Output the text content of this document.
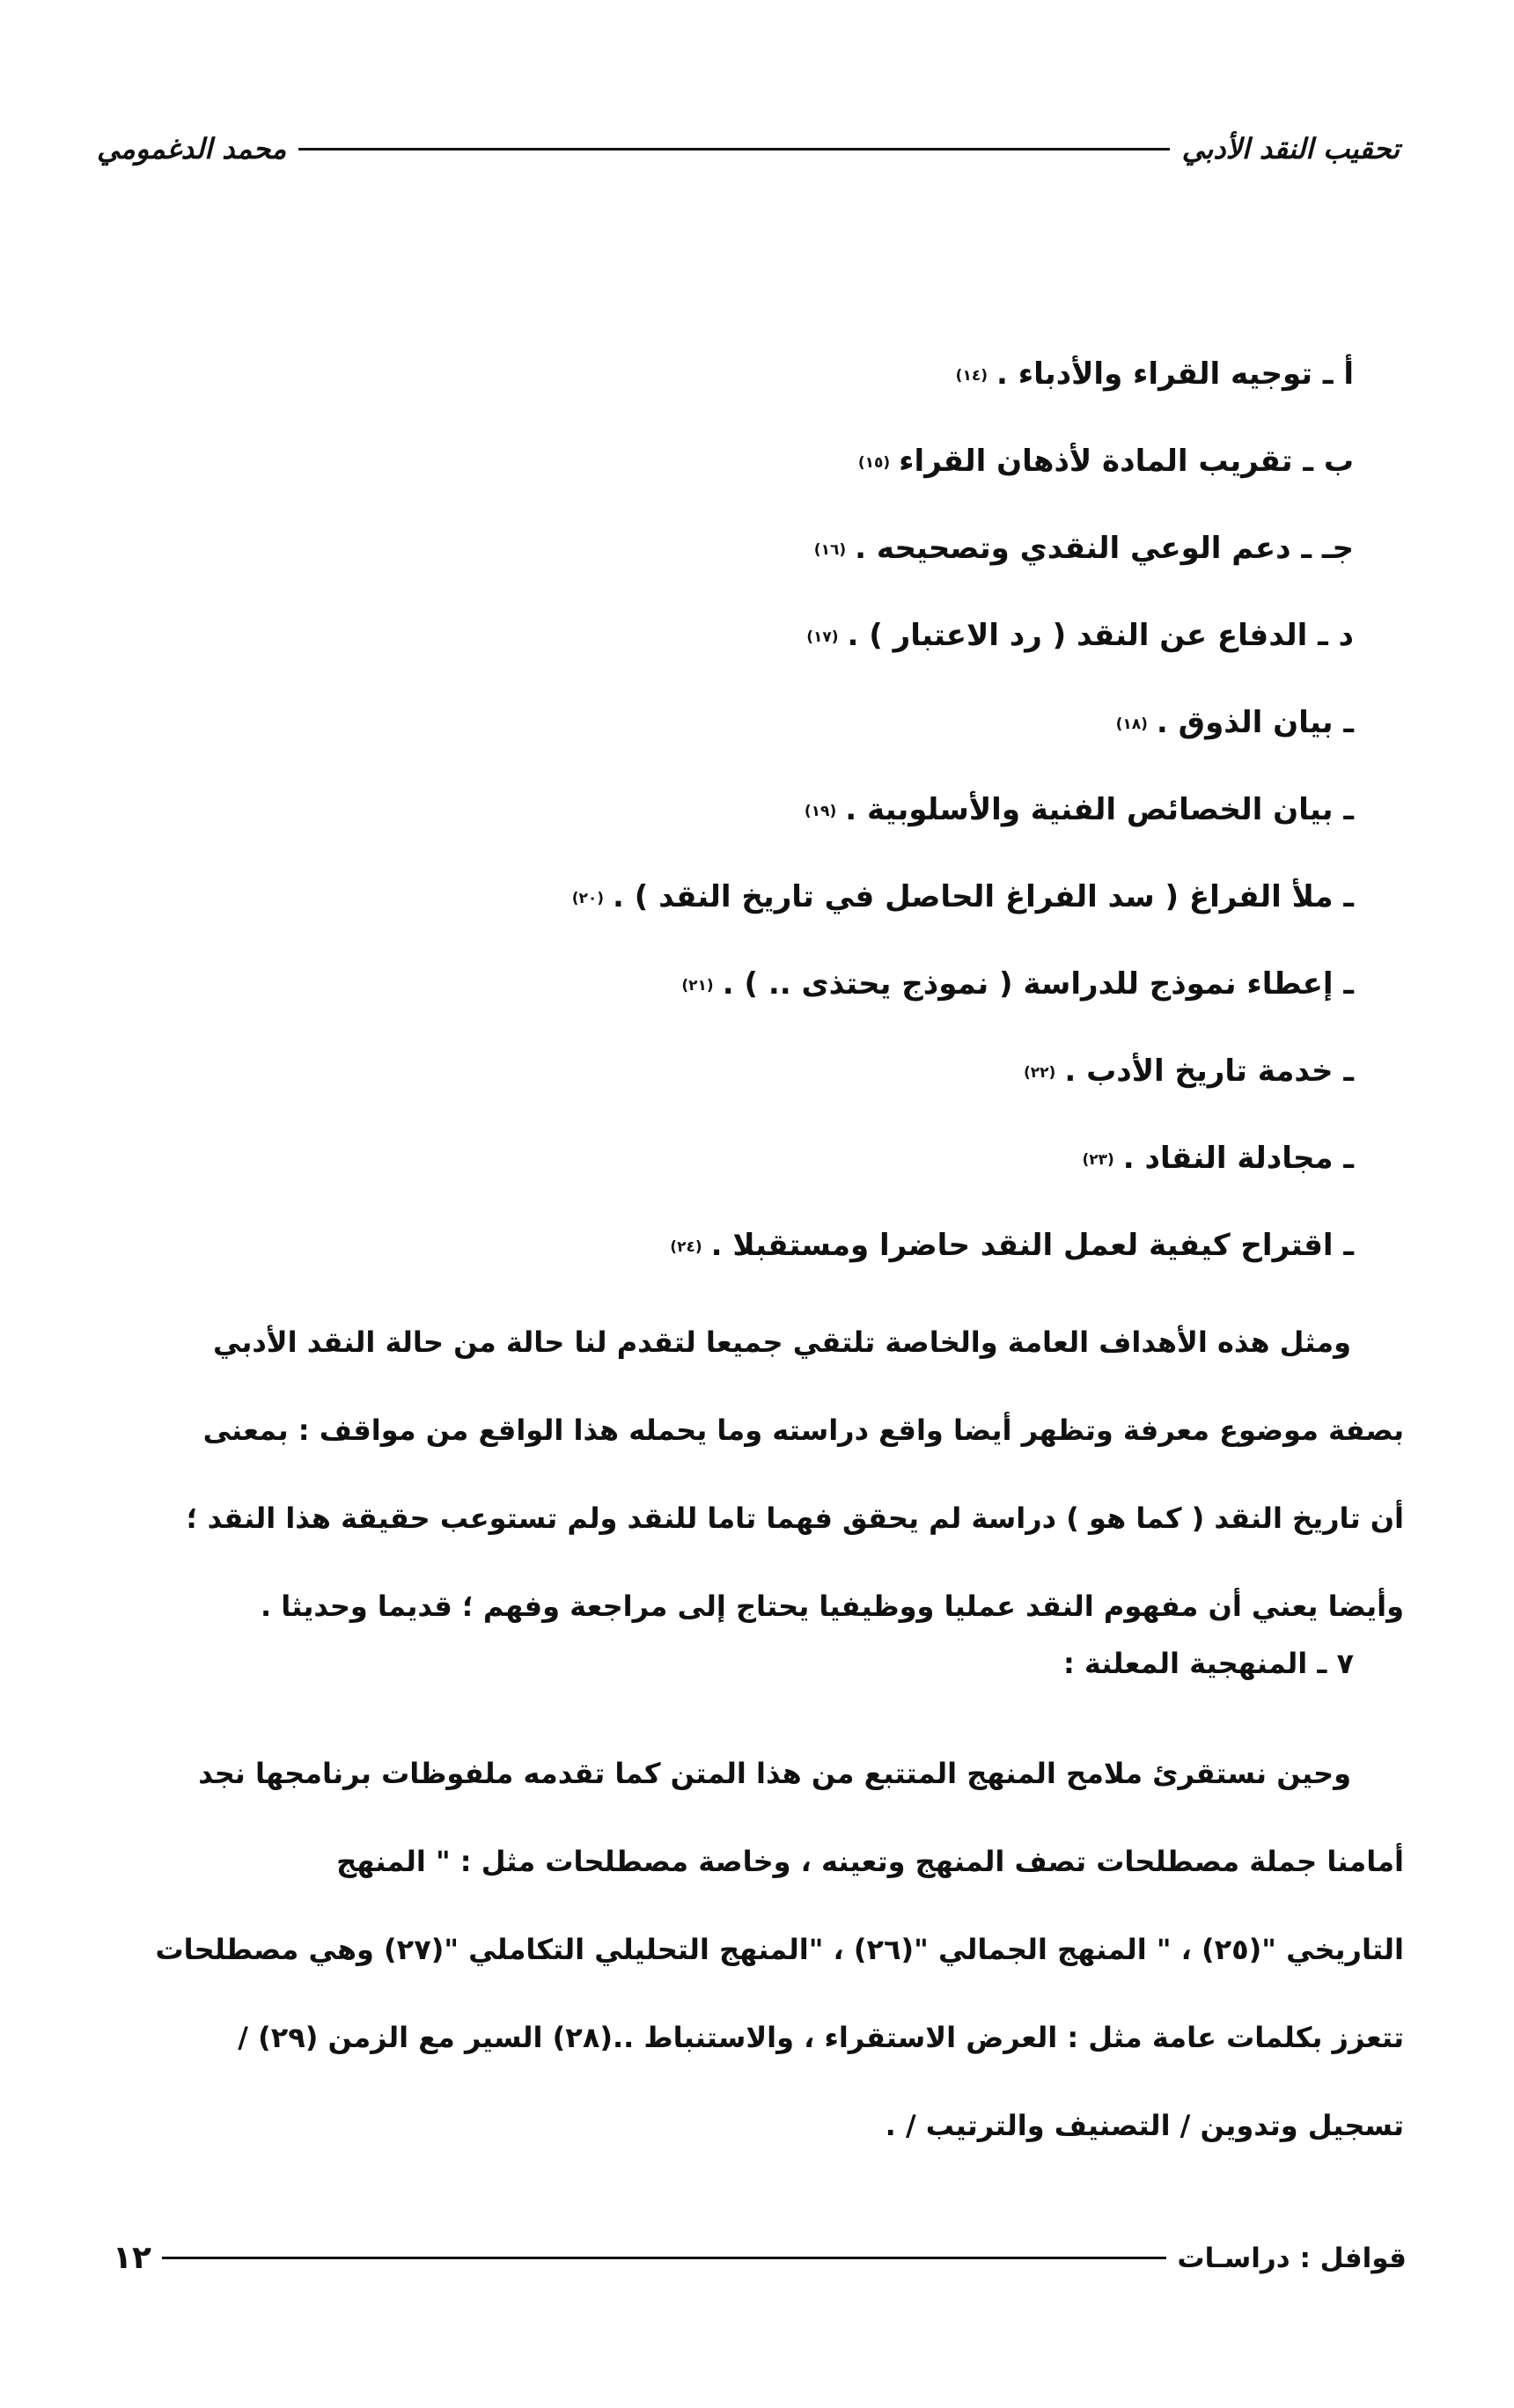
تحقيب النقد الأدبي
محمد الدغمومي
أ ـ توجيه القراء والأدباء .(١٤)
ب ـ تقريب المادة لأذهان القراء(١٥)
جـ ـ دعم الوعي النقدي وتصحيحه .(١٦)
د ـ الدفاع عن النقد ( رد الاعتبار ) .(١٧)
ـ بيان الذوق .(١٨)
ـ بيان الخصائص الفنية والأسلوبية .(١٩)
ـ ملأ الفراغ ( سد الفراغ الحاصل في تاريخ النقد ) .(٢٠)
ـ إعطاء نموذج للدراسة ( نموذج يحتذى .. ) .(٢١)
ـ خدمة تاريخ الأدب .(٢٢)
ـ مجادلة النقاد .(٢٣)
ـ اقتراح كيفية لعمل النقد حاضرا ومستقبلا .(٢٤)

ومثل هذه الأهداف العامة والخاصة تلتقي جميعا لتقدم لنا حالة من حالة النقد الأدبي

بصفة موضوع معرفة وتظهر أيضا واقع دراسته وما يحمله هذا الواقع من مواقف : بمعنى

أن تاريخ النقد ( كما هو ) دراسة لم يحقق فهما تاما للنقد ولم تستوعب حقيقة هذا النقد ؛

وأيضا يعني أن مفهوم النقد عمليا ووظيفيا يحتاج إلى مراجعة وفهم ؛ قديما وحديثا .

٧ ـ المنهجية المعلنة :

وحين نستقرئ ملامح المنهج المتتبع من هذا المتن كما تقدمه ملفوظات برنامجها نجد

أمامنا جملة مصطلحات تصف المنهج وتعينه ، وخاصة مصطلحات مثل : " المنهج

التاريخي "(٢٥) ، " المنهج الجمالي "(٢٦) ، "المنهج التحليلي التكاملي "(٢٧) وهي مصطلحات

تتعزز بكلمات عامة مثل : العرض الاستقراء ، والاستنباط ..(٢٨) السير مع الزمن (٢٩) /

تسجيل وتدوين / التصنيف والترتيب / .

قوافل : دراسـات
١٢
